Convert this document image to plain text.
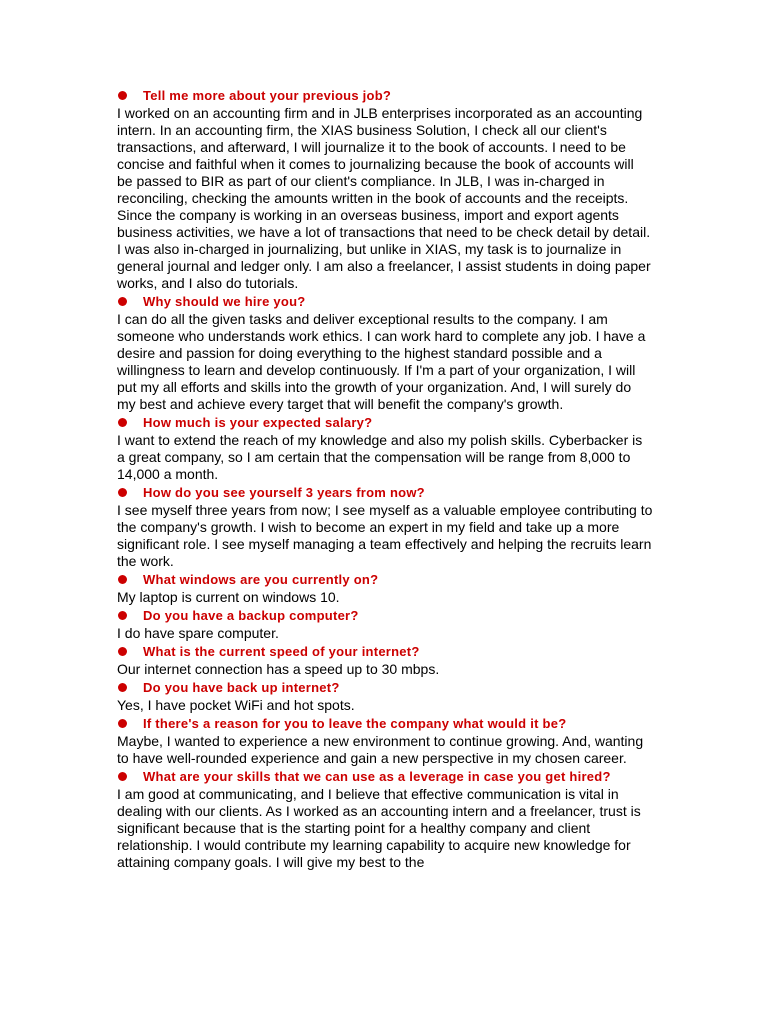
Tell me more about your previous job?
I worked on an accounting firm and in JLB enterprises incorporated as an accounting intern. In an accounting firm, the XIAS business Solution, I check all our client's transactions, and afterward, I will journalize it to the book of accounts. I need to be concise and faithful when it comes to journalizing because the book of accounts will be passed to BIR as part of our client's compliance. In JLB, I was in-charged in reconciling, checking the amounts written in the book of accounts and the receipts. Since the company is working in an overseas business, import and export agents business activities, we have a lot of transactions that need to be check detail by detail. I was also in-charged in journalizing, but unlike in XIAS, my task is to journalize in general journal and ledger only. I am also a freelancer, I assist students in doing paper works, and I also do tutorials.
Why should we hire you?
I can do all the given tasks and deliver exceptional results to the company. I am someone who understands work ethics. I can work hard to complete any job. I have a desire and passion for doing everything to the highest standard possible and a willingness to learn and develop continuously. If I'm a part of your organization, I will put my all efforts and skills into the growth of your organization. And, I will surely do my best and achieve every target that will benefit the company's growth.
How much is your expected salary?
I want to extend the reach of my knowledge and also my polish skills. Cyberbacker is a great company, so I am certain that the compensation will be range from 8,000 to 14,000 a month.
How do you see yourself 3 years from now?
I see myself three years from now; I see myself as a valuable employee contributing to the company's growth. I wish to become an expert in my field and take up a more significant role. I see myself managing a team effectively and helping the recruits learn the work.
What windows are you currently on?
My laptop is current on windows 10.
Do you have a backup computer?
I do have spare computer.
What is the current speed of your internet?
Our internet connection has a speed up to 30 mbps.
Do you have back up internet?
Yes, I have pocket WiFi and hot spots.
If there's a reason for you to leave the company what would it be?
Maybe, I wanted to experience a new environment to continue growing. And, wanting to have well-rounded experience and gain a new perspective in my chosen career.
What are your skills that we can use as a leverage in case you get hired?
I am good at communicating, and I believe that effective communication is vital in dealing with our clients. As I worked as an accounting intern and a freelancer, trust is significant because that is the starting point for a healthy company and client relationship. I would contribute my learning capability to acquire new knowledge for attaining company goals. I will give my best to the
